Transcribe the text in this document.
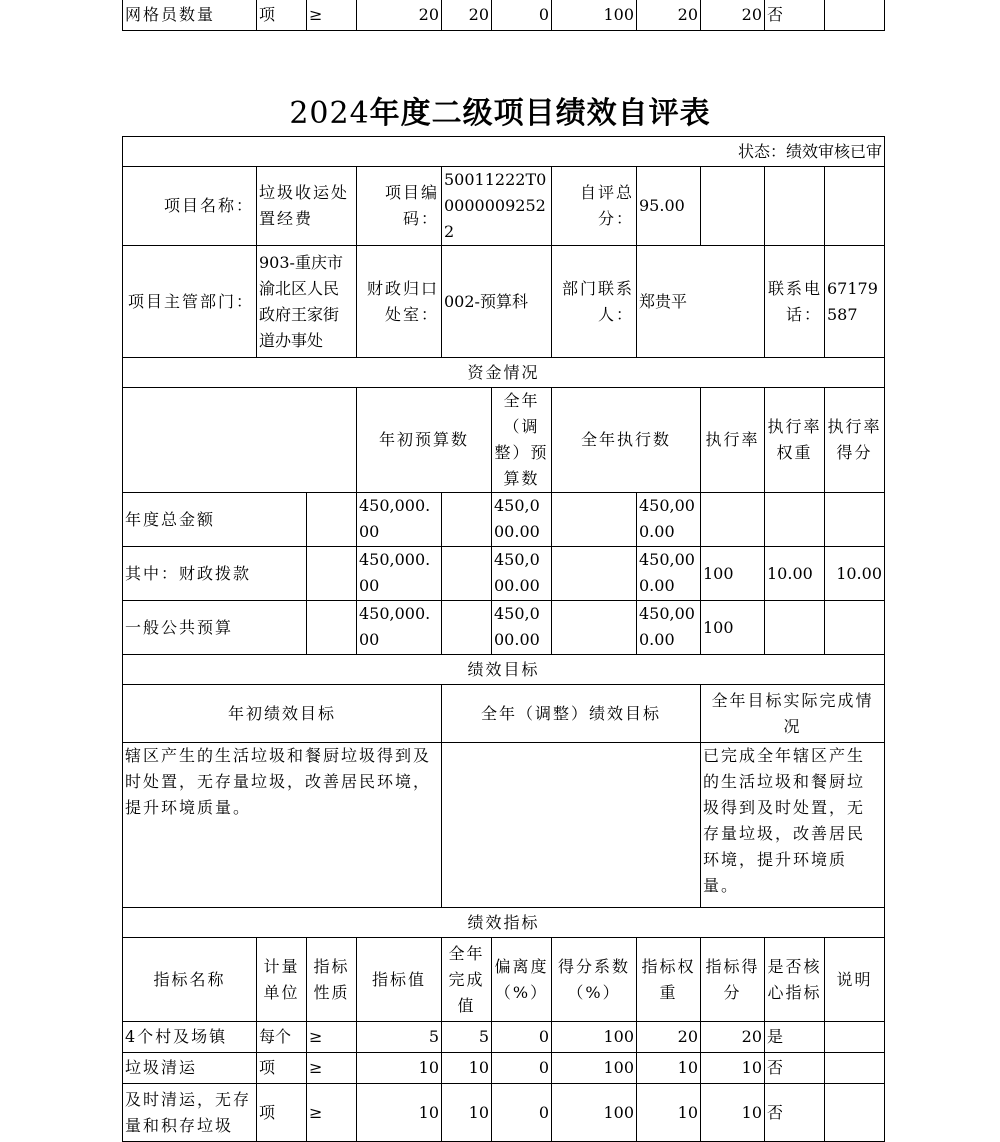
网格员数量	项	≥	20	20	0	100	20	20	否	
2024年度二级项目绩效自评表
状态：绩效审核已审										
项目名称：	垃圾收运处置经费		项目编码：	50011222T000000092522		自评总分：	95.00			
项目主管部门：	903-重庆市渝北区人民政府王家街道办事处		财政归口处室：	002-预算科		部门联系人：	郑贵平		联系电话：	67179587
资金情况										
			年初预算数		全年（调整）预算数	全年执行数		执行率	执行率权重	执行率得分
年度总金额			450,000.00		450,000.00		450,000.00			
其中：财政拨款			450,000.00		450,000.00		450,000.00	100	10.00	10.00
一般公共预算			450,000.00		450,000.00		450,000.00	100		
绩效目标										
年初绩效目标				全年（调整）绩效目标				全年目标实际完成情况		
辖区产生的生活垃圾和餐厨垃圾得到及时处置，无存量垃圾，改善居民环境，提升环境质量。								已完成全年辖区产生的生活垃圾和餐厨垃圾得到及时处置，无存量垃圾，改善居民环境，提升环境质量。		
绩效指标										
指标名称	计量单位	指标性质	指标值	全年完成值	偏离度（%）	得分系数（%）	指标权重	指标得分	是否核心指标	说明
4个村及场镇	每个	≥	5	5	0	100	20	20	是	
垃圾清运	项	≥	10	10	0	100	10	10	否	
及时清运，无存量和积存垃圾	项	≥	10	10	0	100	10	10	否	
